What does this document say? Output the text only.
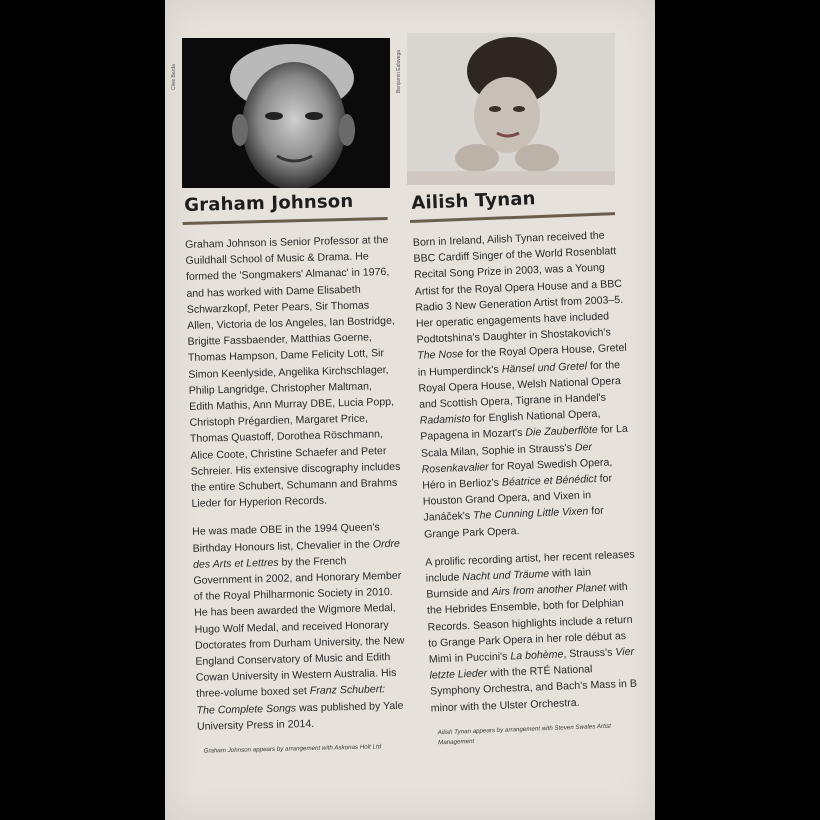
Clive Barda	Benjamin Ealovega
Graham Johnson

Graham Johnson is Senior Professor at the Guildhall School of Music & Drama. He formed the 'Songmakers' Almanac' in 1976, and has worked with Dame Elisabeth Schwarzkopf, Peter Pears, Sir Thomas Allen, Victoria de los Angeles, Ian Bostridge, Brigitte Fassbaender, Matthias Goerne, Thomas Hampson, Dame Felicity Lott, Sir Simon Keenlyside, Angelika Kirchschlager, Philip Langridge, Christopher Maltman, Edith Mathis, Ann Murray DBE, Lucia Popp, Christoph Prégardien, Margaret Price, Thomas Quastoff, Dorothea Röschmann, Alice Coote, Christine Schaefer and Peter Schreier. His extensive discography includes the entire Schubert, Schumann and Brahms Lieder for Hyperion Records.

He was made OBE in the 1994 Queen's Birthday Honours list, Chevalier in the Ordre des Arts et Lettres by the French Government in 2002, and Honorary Member of the Royal Philharmonic Society in 2010. He has been awarded the Wigmore Medal, Hugo Wolf Medal, and received Honorary Doctorates from Durham University, the New England Conservatory of Music and Edith Cowan University in Western Australia. His three-volume boxed set Franz Schubert: The Complete Songs was published by Yale University Press in 2014.

Graham Johnson appears by arrangement with Askonas Holt Ltd

Ailish Tynan

Born in Ireland, Ailish Tynan received the BBC Cardiff Singer of the World Rosenblatt Recital Song Prize in 2003, was a Young Artist for the Royal Opera House and a BBC Radio 3 New Generation Artist from 2003–5. Her operatic engagements have included Podtotshina's Daughter in Shostakovich's The Nose for the Royal Opera House, Gretel in Humperdinck's Hänsel und Gretel for the Royal Opera House, Welsh National Opera and Scottish Opera, Tigrane in Handel's Radamisto for English National Opera, Papagena in Mozart's Die Zauberflöte for La Scala Milan, Sophie in Strauss's Der Rosenkavalier for Royal Swedish Opera, Héro in Berlioz's Béatrice et Bénédict for Houston Grand Opera, and Vixen in Janáček's The Cunning Little Vixen for Grange Park Opera.

A prolific recording artist, her recent releases include Nacht und Träume with Iain Burnside and Airs from another Planet with the Hebrides Ensemble, both for Delphian Records. Season highlights include a return to Grange Park Opera in her role début as Mimì in Puccini's La bohème, Strauss's Vier letzte Lieder with the RTÉ National Symphony Orchestra, and Bach's Mass in B minor with the Ulster Orchestra.

Ailish Tynan appears by arrangement with Steven Swales Artist Management
